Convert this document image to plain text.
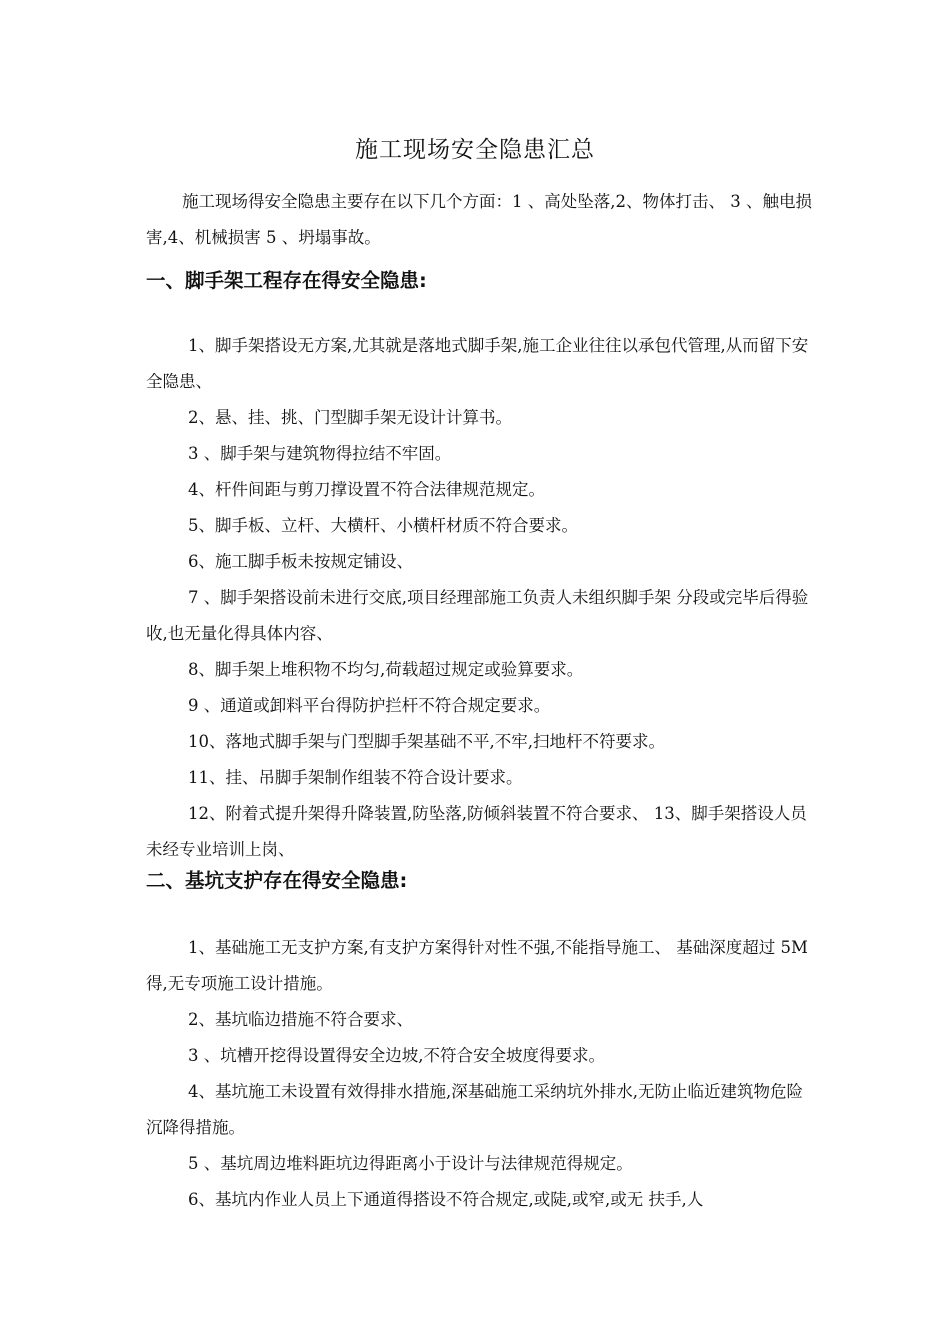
施工现场安全隐患汇总
施工现场得安全隐患主要存在以下几个方面：1 、高处坠落,2、物体打击、 3 、触电损害,4、机械损害 5 、坍塌事故。
一、脚手架工程存在得安全隐患:

1、脚手架搭设无方案,尤其就是落地式脚手架,施工企业往往以承包代管理,从而留下安全隐患、

2、悬、挂、挑、门型脚手架无设计计算书。

3 、脚手架与建筑物得拉结不牢固。

4、杆件间距与剪刀撑设置不符合法律规范规定。

5、脚手板、立杆、大横杆、小横杆材质不符合要求。

6、施工脚手板未按规定铺设、

7 、脚手架搭设前未进行交底,项目经理部施工负责人未组织脚手架 分段或完毕后得验收,也无量化得具体内容、

8、脚手架上堆积物不均匀,荷载超过规定或验算要求。

9 、通道或卸料平台得防护拦杆不符合规定要求。

10、落地式脚手架与门型脚手架基础不平,不牢,扫地杆不符要求。

11、挂、吊脚手架制作组装不符合设计要求。

12、附着式提升架得升降装置,防坠落,防倾斜装置不符合要求、 13、脚手架搭设人员未经专业培训上岗、

二、基坑支护存在得安全隐患:

1、基础施工无支护方案,有支护方案得针对性不强,不能指导施工、 基础深度超过 5M 得,无专项施工设计措施。

2、基坑临边措施不符合要求、

3 、坑槽开挖得设置得安全边坡,不符合安全坡度得要求。

4、基坑施工未设置有效得排水措施,深基础施工采纳坑外排水,无防止临近建筑物危险沉降得措施。

5 、基坑周边堆料距坑边得距离小于设计与法律规范得规定。

6、基坑内作业人员上下通道得搭设不符合规定,或陡,或窄,或无 扶手,人
